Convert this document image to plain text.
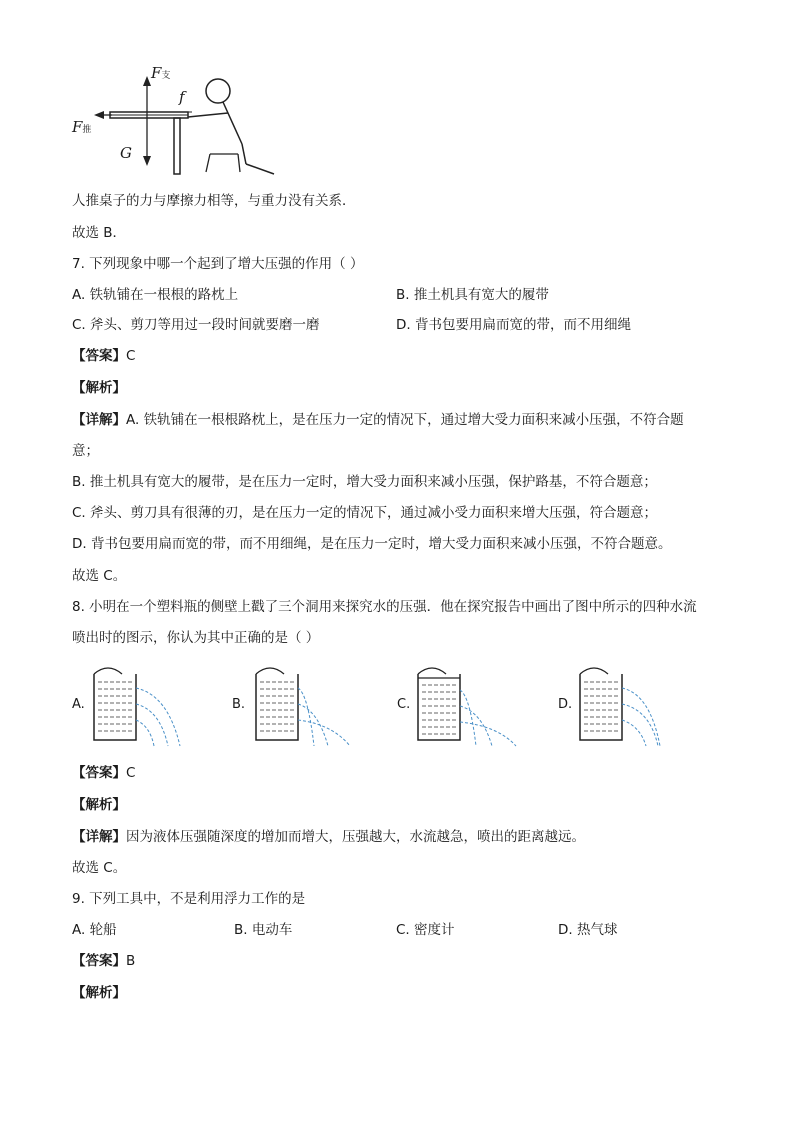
F支
F推
f
G
人推桌子的力与摩擦力相等，与重力没有关系．
故选 B．
7. 下列现象中哪一个起到了增大压强的作用（ ）
A. 铁轨铺在一根根的路枕上	B. 推土机具有宽大的履带
C. 斧头、剪刀等用过一段时间就要磨一磨	D. 背书包要用扁而宽的带，而不用细绳
【答案】C
【解析】
【详解】A. 铁轨铺在一根根路枕上，是在压力一定的情况下，通过增大受力面积来减小压强，不符合题
意；
B. 推土机具有宽大的履带，是在压力一定时，增大受力面积来减小压强，保护路基，不符合题意；
C. 斧头、剪刀具有很薄的刃，是在压力一定的情况下，通过减小受力面积来增大压强，符合题意；
D. 背书包要用扁而宽的带，而不用细绳，是在压力一定时，增大受力面积来减小压强，不符合题意。
故选 C。
8. 小明在一个塑料瓶的侧壁上戳了三个洞用来探究水的压强．他在探究报告中画出了图中所示的四种水流
喷出时的图示，你认为其中正确的是（ ）
A.	B.	C.	D.
【答案】C
【解析】
【详解】因为液体压强随深度的增加而增大，压强越大，水流越急，喷出的距离越远。
故选 C。
9. 下列工具中，不是利用浮力工作的是
A. 轮船	B. 电动车	C. 密度计	D. 热气球
【答案】B
【解析】
